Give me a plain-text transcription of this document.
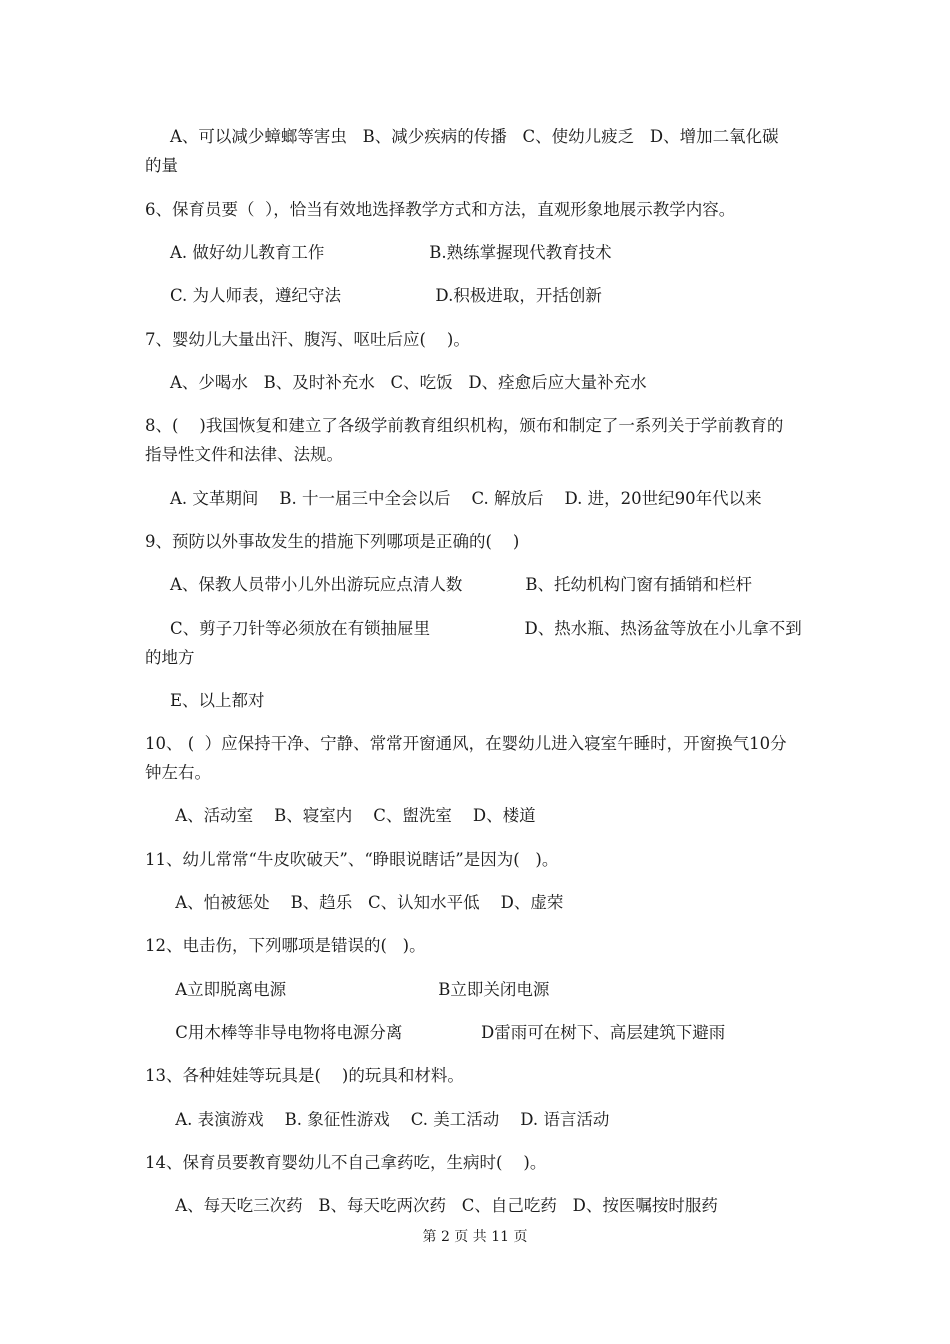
A、可以减少蟑螂等害虫   B、减少疾病的传播   C、使幼儿疲乏   D、增加二氧化碳
的量
6、保育员要（  ），恰当有效地选择教学方式和方法，直观形象地展示教学内容。
A. 做好幼儿教育工作                    B.熟练掌握现代教育技术
C. 为人师表，遵纪守法                  D.积极进取，开括创新
7、婴幼儿大量出汗、腹泻、呕吐后应(    )。
A、少喝水   B、及时补充水   C、吃饭   D、痊愈后应大量补充水
8、(    )我国恢复和建立了各级学前教育组织机构，颁布和制定了一系列关于学前教育的
指导性文件和法律、法规。
A. 文革期间    B. 十一届三中全会以后    C. 解放后    D. 进，20世纪90年代以来
9、预防以外事故发生的措施下列哪项是正确的(    )
A、保教人员带小儿外出游玩应点清人数            B、托幼机构门窗有插销和栏杆
C、剪子刀针等必须放在有锁抽屉里                  D、热水瓶、热汤盆等放在小儿拿不到
的地方
E、以上都对
10、 (  ）应保持干净、宁静、常常开窗通风，在婴幼儿进入寝室午睡时，开窗换气10分
钟左右。
A、活动室    B、寝室内    C、盥洗室    D、楼道
11、幼儿常常“牛皮吹破天”、“睁眼说瞎话”是因为(   )。
A、怕被惩处    B、趋乐   C、认知水平低    D、虚荣
12、电击伤，下列哪项是错误的(   )。
A立即脱离电源                             B立即关闭电源
C用木棒等非导电物将电源分离               D雷雨可在树下、高层建筑下避雨
13、各种娃娃等玩具是(    )的玩具和材料。
A. 表演游戏    B. 象征性游戏    C. 美工活动    D. 语言活动
14、保育员要教育婴幼儿不自己拿药吃，生病时(    )。
A、每天吃三次药   B、每天吃两次药   C、自己吃药   D、按医嘱按时服药
第 2 页 共 11 页
